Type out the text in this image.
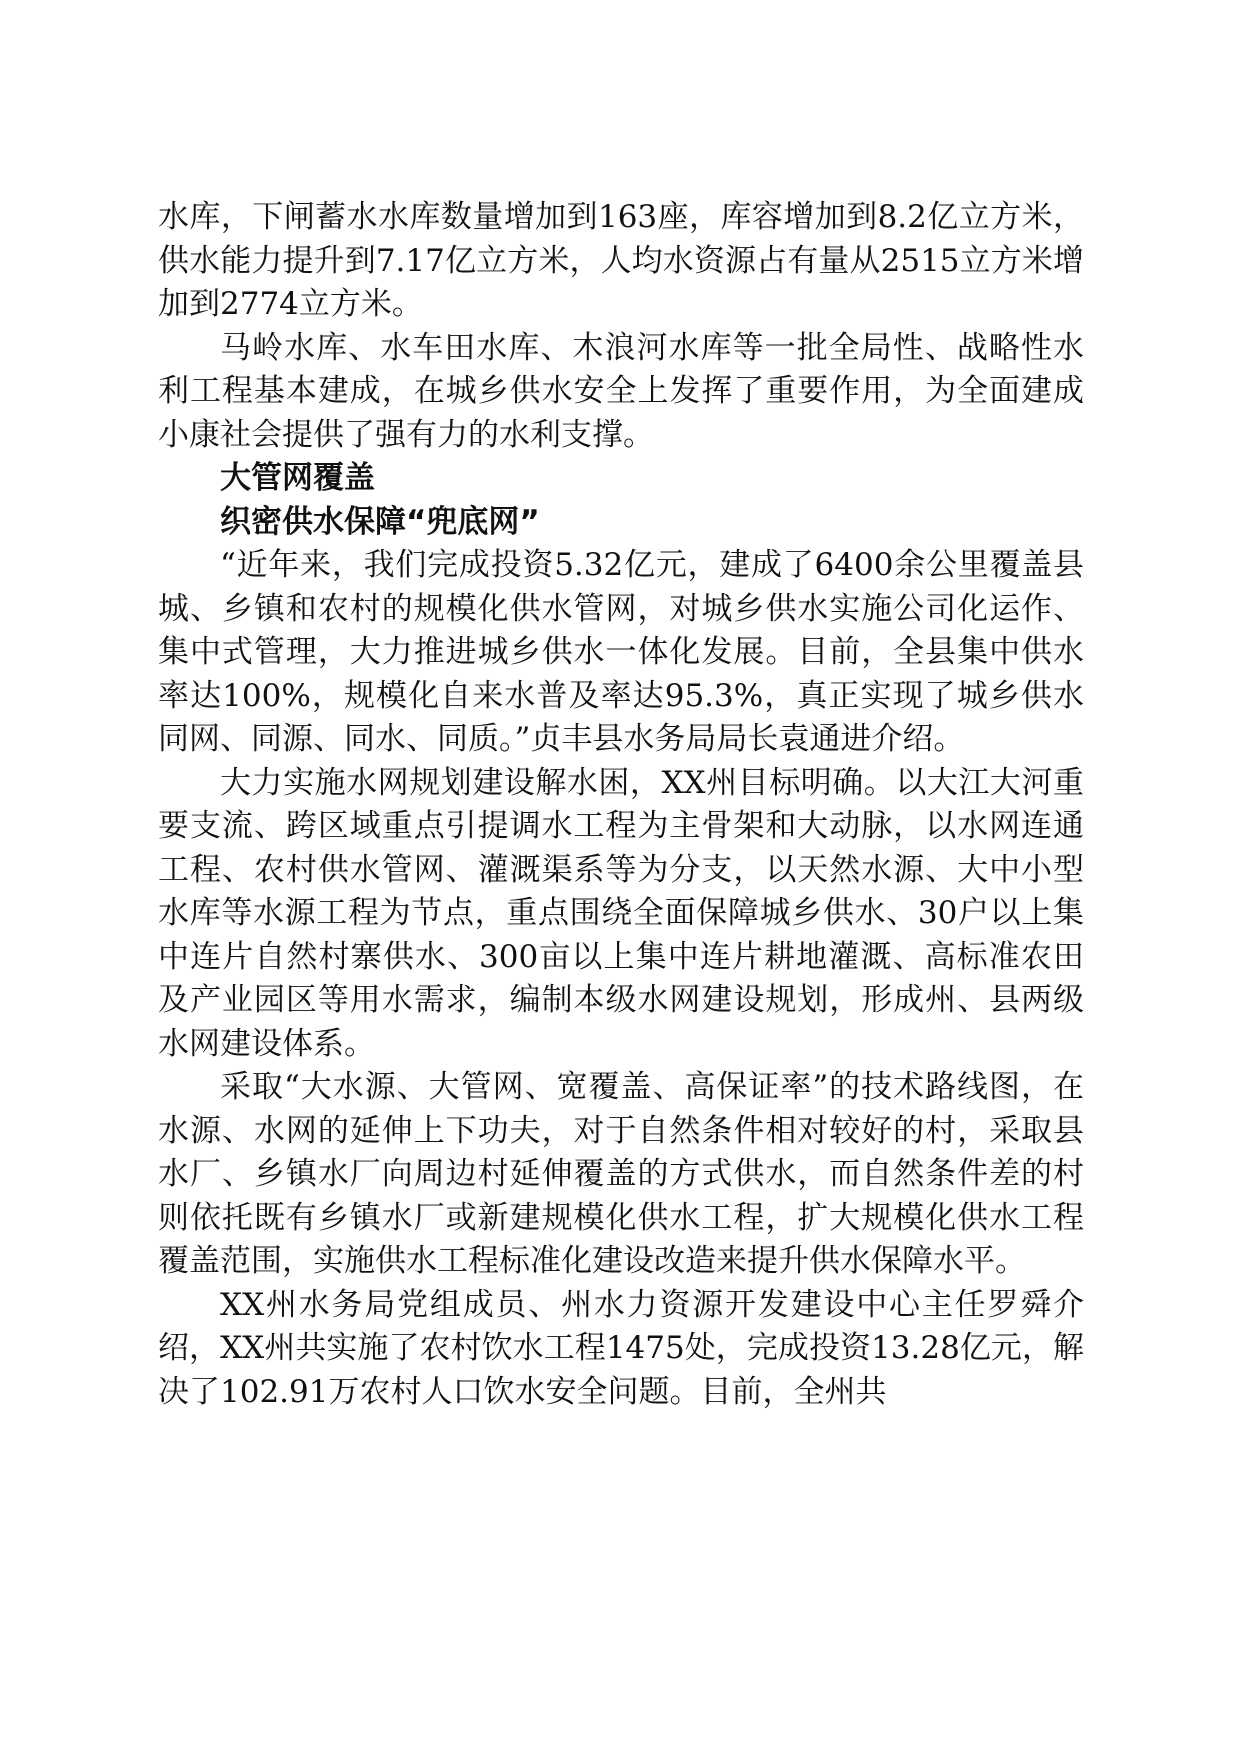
水库，下闸蓄水水库数量增加到163座，库容增加到8.2亿立方米，供水能力提升到7.17亿立方米，人均水资源占有量从2515立方米增加到2774立方米。

马岭水库、水车田水库、木浪河水库等一批全局性、战略性水利工程基本建成，在城乡供水安全上发挥了重要作用，为全面建成小康社会提供了强有力的水利支撑。

大管网覆盖

织密供水保障“兜底网”

“近年来，我们完成投资5.32亿元，建成了6400余公里覆盖县城、乡镇和农村的规模化供水管网，对城乡供水实施公司化运作、集中式管理，大力推进城乡供水一体化发展。目前，全县集中供水率达100%，规模化自来水普及率达95.3%，真正实现了城乡供水同网、同源、同水、同质。”贞丰县水务局局长袁通进介绍。

大力实施水网规划建设解水困，XX州目标明确。以大江大河重要支流、跨区域重点引提调水工程为主骨架和大动脉，以水网连通工程、农村供水管网、灌溉渠系等为分支，以天然水源、大中小型水库等水源工程为节点，重点围绕全面保障城乡供水、30户以上集中连片自然村寨供水、300亩以上集中连片耕地灌溉、高标准农田及产业园区等用水需求，编制本级水网建设规划，形成州、县两级水网建设体系。

采取“大水源、大管网、宽覆盖、高保证率”的技术路线图，在水源、水网的延伸上下功夫，对于自然条件相对较好的村，采取县水厂、乡镇水厂向周边村延伸覆盖的方式供水，而自然条件差的村则依托既有乡镇水厂或新建规模化供水工程，扩大规模化供水工程覆盖范围，实施供水工程标准化建设改造来提升供水保障水平。

XX州水务局党组成员、州水力资源开发建设中心主任罗舜介绍，XX州共实施了农村饮水工程1475处，完成投资13.28亿元，解决了102.91万农村人口饮水安全问题。目前，全州共
